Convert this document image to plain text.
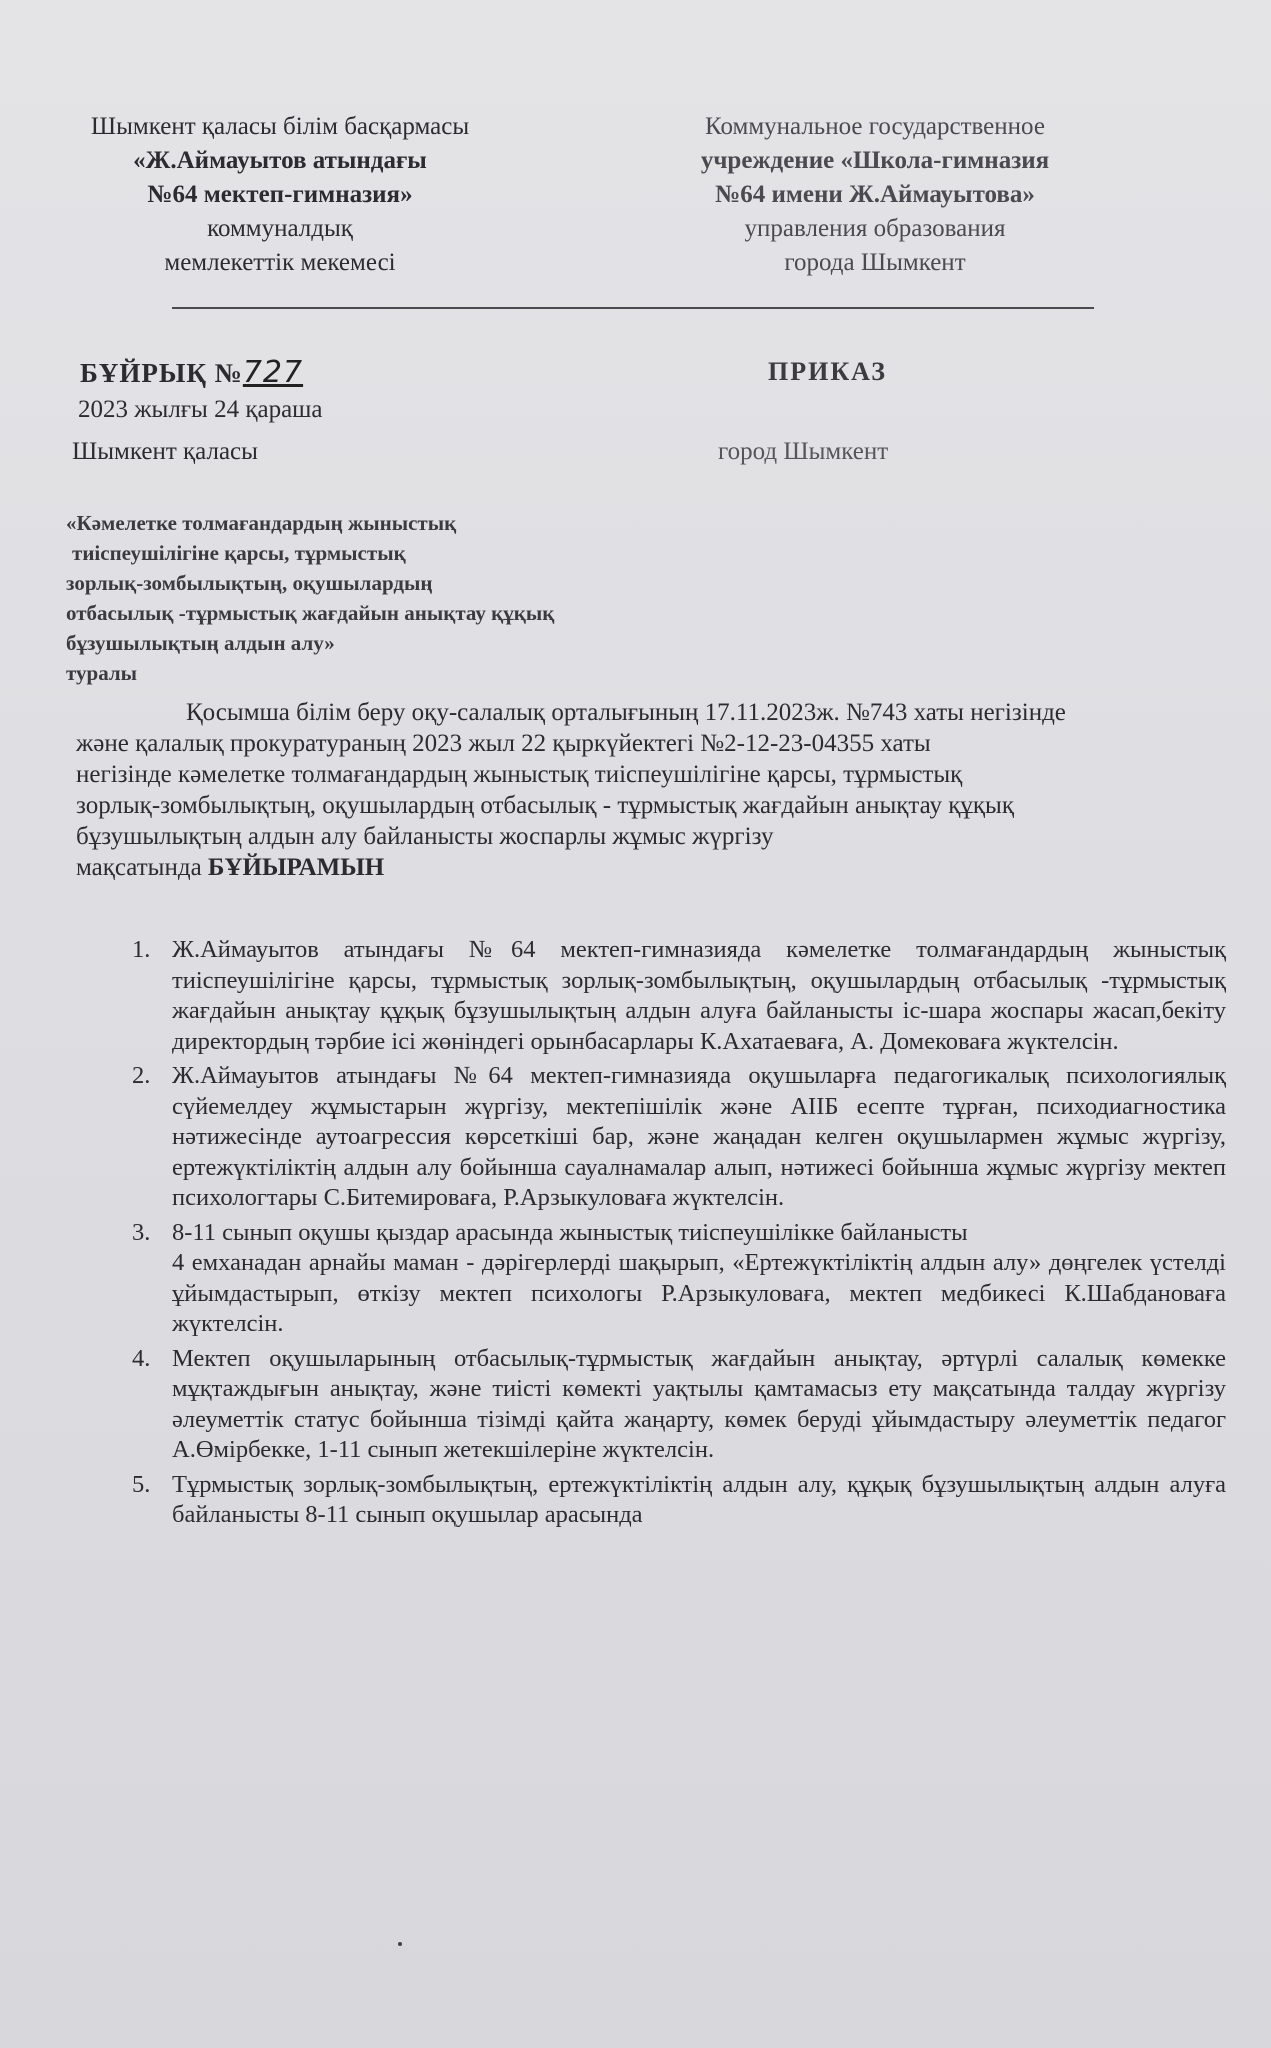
Шымкент қаласы білім басқармасы
«Ж.Аймауытов атындағы
№64 мектеп-гимназия»
коммуналдық
мемлекеттік мекемесі
Коммунальное государственное
учреждение «Школа-гимназия
№64 имени Ж.Аймауытова»
управления образования
города Шымкент
БҰЙРЫҚ №727	ПРИКАЗ
2023 жылғы 24 қараша
Шымкент қаласы	город Шымкент
«Кәмелетке толмағандардың жыныстық
тиіспеушілігіне қарсы, тұрмыстық
зорлық-зомбылықтың, оқушылардың
отбасылық -тұрмыстық жағдайын анықтау құқық
бұзушылықтың алдын алу»
туралы
Қосымша білім беру оқу-салалық орталығының 17.11.2023ж. №743 хаты негізінде
және қалалық прокуратураның 2023 жыл 22 қыркүйектегі №2-12-23-04355 хаты
негізінде кәмелетке толмағандардың жыныстық тиіспеушілігіне қарсы, тұрмыстық
зорлық-зомбылықтың, оқушылардың отбасылық - тұрмыстық жағдайын анықтау құқық
бұзушылықтың алдын алу байланысты жоспарлы жұмыс жүргізу
мақсатында БҰЙЫРАМЫН
1. Ж.Аймауытов атындағы №64 мектеп-гимназияда кәмелетке толмағандардың жыныстық тиіспеушілігіне қарсы, тұрмыстық зорлық-зомбылықтың, оқушылардың отбасылық -тұрмыстық жағдайын анықтау құқық бұзушылықтың алдын алуға байланысты іс-шара жоспары жасап,бекіту директордың тәрбие ісі жөніндегі орынбасарлары К.Ахатаеваға, А. Домековаға жүктелсін.
2. Ж.Аймауытов атындағы №64 мектеп-гимназияда оқушыларға педагогикалық психологиялық сүйемелдеу жұмыстарын жүргізу, мектепішілік және АІІБ есепте тұрған, психодиагностика нәтижесінде аутоагрессия көрсеткіші бар, және жаңадан келген оқушылармен жұмыс жүргізу, ертежүктіліктің алдын алу бойынша сауалнамалар алып, нәтижесі бойынша жұмыс жүргізу мектеп психологтары С.Битемироваға, Р.Арзыкуловаға жүктелсін.
3. 8-11 сынып оқушы қыздар арасында жыныстық тиіспеушілікке байланысты
4 емханадан арнайы маман - дәрігерлерді шақырып, «Ертежүктіліктің алдын алу» дөңгелек үстелді ұйымдастырып, өткізу мектеп психологы Р.Арзыкуловаға, мектеп медбикесі К.Шабдановаға жүктелсін.
4. Мектеп оқушыларының отбасылық-тұрмыстық жағдайын анықтау, әртүрлі салалық көмекке мұқтаждығын анықтау, және тиісті көмекті уақтылы қамтамасыз ету мақсатында талдау жүргізу әлеуметтік статус бойынша тізімді қайта жаңарту, көмек беруді ұйымдастыру әлеуметтік педагог А.Өмірбекке, 1-11 сынып жетекшілеріне жүктелсін.
5. Тұрмыстық зорлық-зомбылықтың, ертежүктіліктің алдын алу, құқық бұзушылықтың алдын алуға байланысты 8-11 сынып оқушылар арасында
